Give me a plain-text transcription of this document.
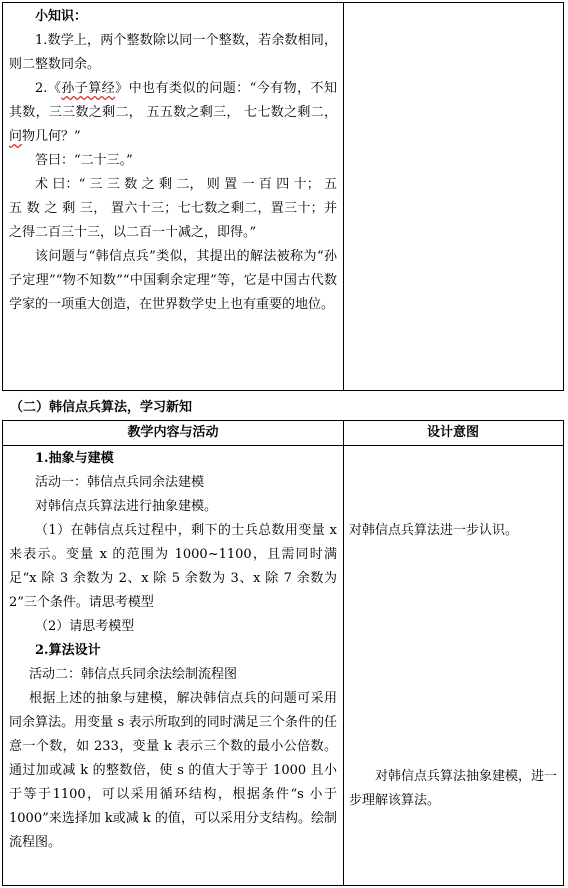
小知识：

1.数学上，两个整数除以同一个整数，若余数相同，则二整数同余。

2.《孙子算经》中也有类似的问题：“今有物，不知其数，三三数之剩二， 五五数之剩三， 七七数之剩二，问物几何？”

答曰：“二十三。”

术 曰：“ 三 三 数 之 剩 二， 则 置 一 百 四 十； 五 五 数 之 剩 三， 置六十三；七七数之剩二，置三十；并之得二百三十三，以二百一十减之，即得。”

该问题与“韩信点兵”类似，其提出的解法被称为“孙子定理”“物不知数”“中国剩余定理”等，它是中国古代数学家的一项重大创造，在世界数学史上也有重要的地位。

（二）韩信点兵算法，学习新知
教学内容与活动	设计意图

1.抽象与建模

活动一：韩信点兵同余法建模

对韩信点兵算法进行抽象建模。

（1）在韩信点兵过程中，剩下的士兵总数用变量 x 来表示。变量 x 的范围为 1000~1100，且需同时满足“x 除 3 余数为 2、x 除 5 余数为 3、x 除 7 余数为 2”三个条件。请思考模型

（2）请思考模型

2.算法设计

活动二：韩信点兵同余法绘制流程图

根据上述的抽象与建模，解决韩信点兵的问题可采用同余算法。用变量 s 表示所取到的同时满足三个条件的任意一个数，如 233，变量 k 表示三个数的最小公倍数。通过加或减 k 的整数倍，使 s 的值大于等于 1000 且小于等于1100，可以采用循环结构，根据条件“s 小于 1000”来选择加 k或减 k 的值，可以采用分支结构。绘制流程图。

对韩信点兵算法进一步认识。
对韩信点兵算法抽象建模，进一步理解该算法。
